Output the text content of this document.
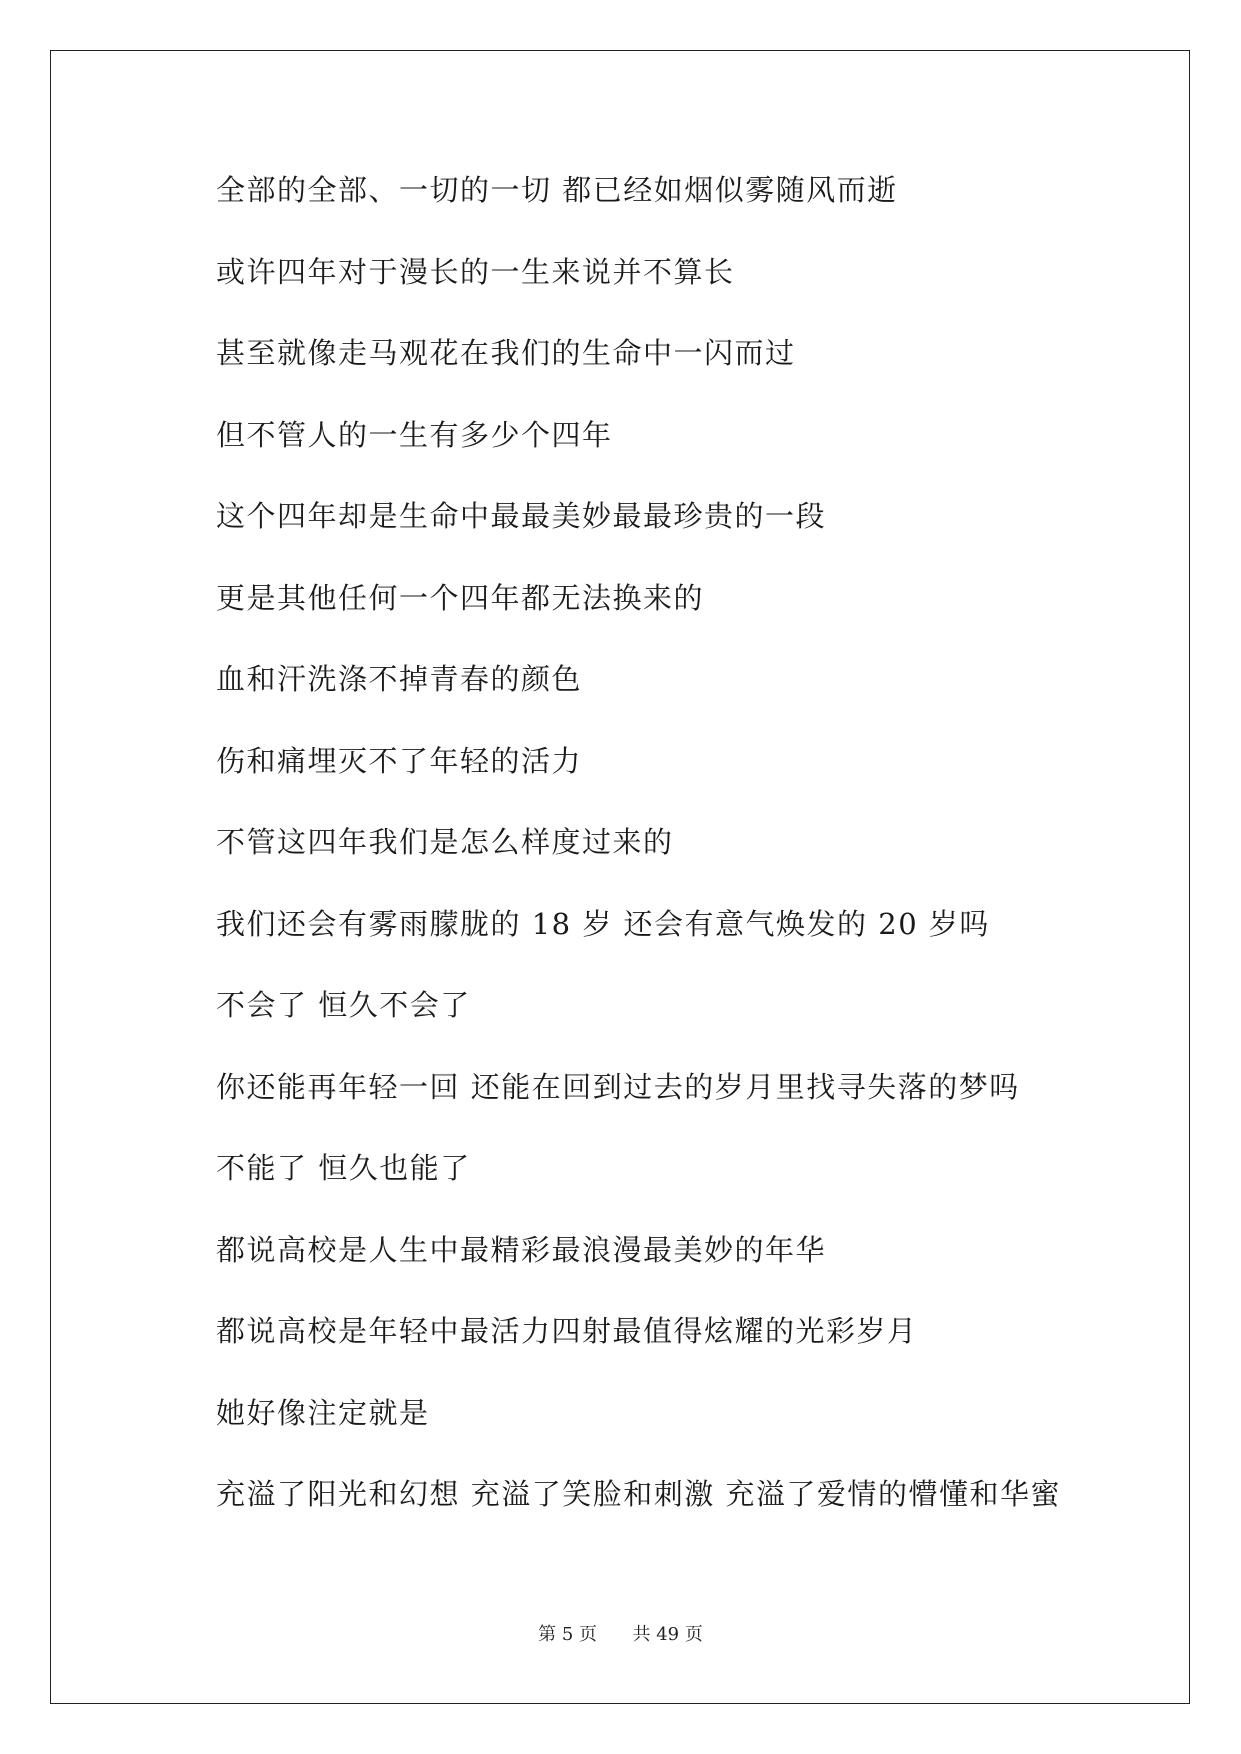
全部的全部、一切的一切 都已经如烟似雾随风而逝
或许四年对于漫长的一生来说并不算长
甚至就像走马观花在我们的生命中一闪而过
但不管人的一生有多少个四年
这个四年却是生命中最最美妙最最珍贵的一段
更是其他任何一个四年都无法换来的
血和汗洗涤不掉青春的颜色
伤和痛埋灭不了年轻的活力
不管这四年我们是怎么样度过来的
我们还会有雾雨朦胧的 18 岁 还会有意气焕发的 20 岁吗
不会了 恒久不会了
你还能再年轻一回 还能在回到过去的岁月里找寻失落的梦吗
不能了 恒久也能了
都说高校是人生中最精彩最浪漫最美妙的年华
都说高校是年轻中最活力四射最值得炫耀的光彩岁月
她好像注定就是
充溢了阳光和幻想 充溢了笑脸和刺激 充溢了爱情的懵懂和华蜜
第 5 页 共 49 页
